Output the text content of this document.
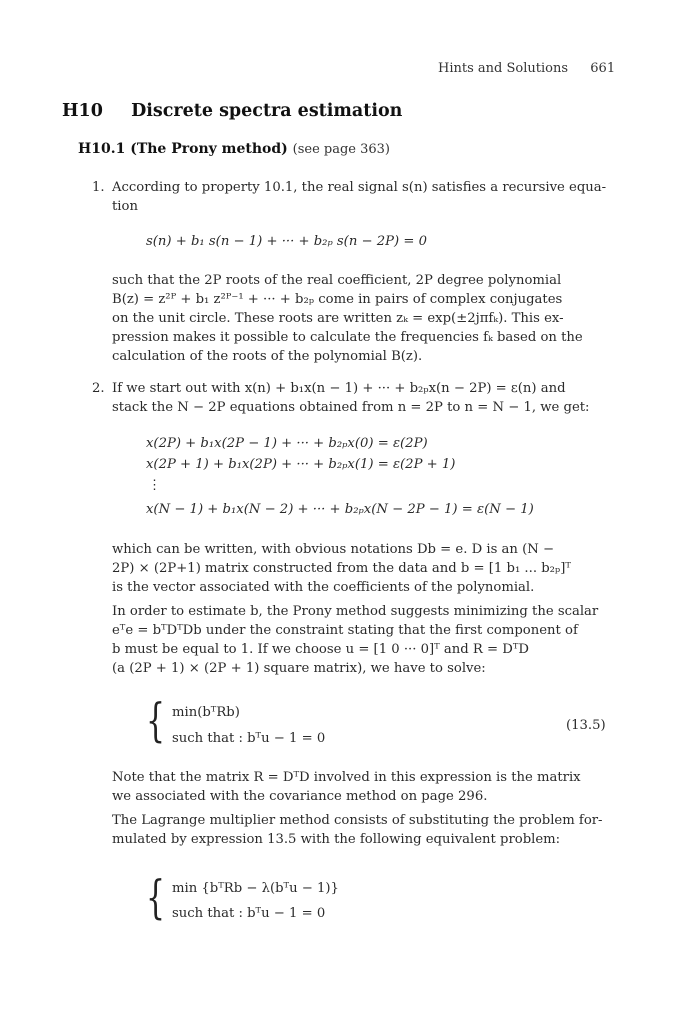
Hints and Solutions 661
H10 Discrete spectra estimation
H10.1 (The Prony method) (see page 363)
1. According to property 10.1, the real signal s(n) satisfies a recursive equa-
tion
s(n) + b₁ s(n − 1) + ··· + b₂ₚ s(n − 2P) = 0
such that the 2P roots of the real coefficient, 2P degree polynomial
B(z) = z²ᴾ + b₁ z²ᴾ⁻¹ + ··· + b₂ₚ come in pairs of complex conjugates
on the unit circle. These roots are written zₖ = exp(±2jπfₖ). This ex-
pression makes it possible to calculate the frequencies fₖ based on the
calculation of the roots of the polynomial B(z).
2. If we start out with x(n) + b₁x(n − 1) + ··· + b₂ₚx(n − 2P) = ε(n) and
stack the N − 2P equations obtained from n = 2P to n = N − 1, we get:
x(2P) + b₁x(2P − 1) + ··· + b₂ₚx(0) = ε(2P)
x(2P + 1) + b₁x(2P) + ··· + b₂ₚx(1) = ε(2P + 1)
⋮
x(N − 1) + b₁x(N − 2) + ··· + b₂ₚx(N − 2P − 1) = ε(N − 1)
which can be written, with obvious notations Db = e. D is an (N −
2P) × (2P+1) matrix constructed from the data and b = [1 b₁ ... b₂ₚ]ᵀ
is the vector associated with the coefficients of the polynomial.
In order to estimate b, the Prony method suggests minimizing the scalar
eᵀe = bᵀDᵀDb under the constraint stating that the first component of
b must be equal to 1. If we choose u = [1 0 ··· 0]ᵀ and R = DᵀD
(a (2P + 1) × (2P + 1) square matrix), we have to solve:
{ min(bᵀRb)
such that : bᵀu − 1 = 0
(13.5)
Note that the matrix R = DᵀD involved in this expression is the matrix
we associated with the covariance method on page 296.
The Lagrange multiplier method consists of substituting the problem for-
mulated by expression 13.5 with the following equivalent problem:
{ min {bᵀRb − λ(bᵀu − 1)}
such that : bᵀu − 1 = 0
